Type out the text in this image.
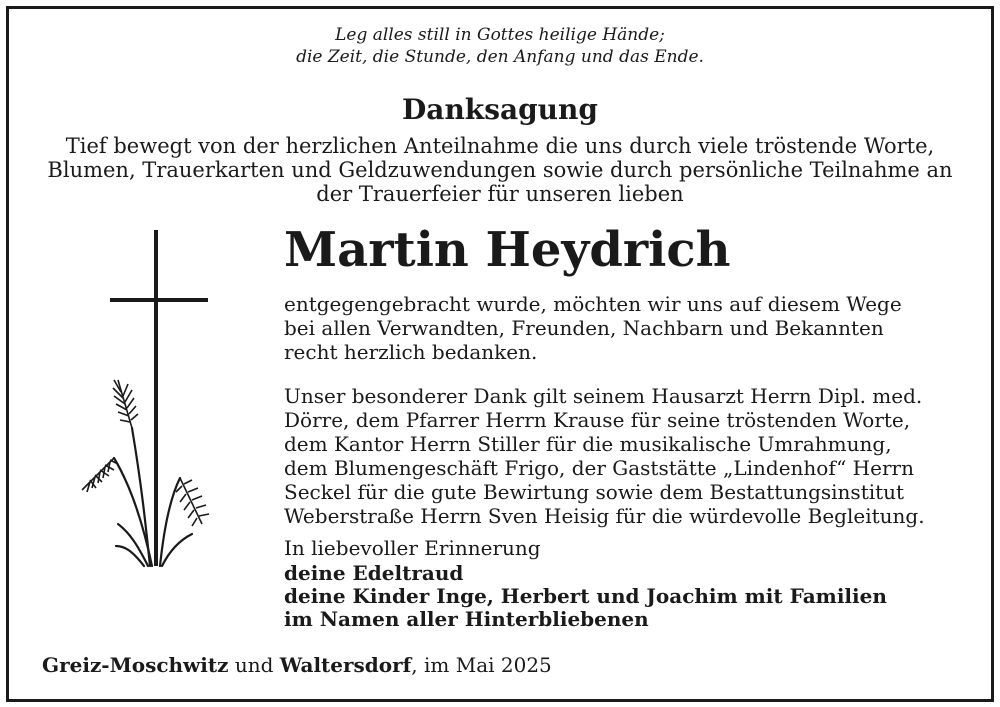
Leg alles still in Gottes heilige Hände;
die Zeit, die Stunde, den Anfang und das Ende.
Danksagung
Tief bewegt von der herzlichen Anteilnahme die uns durch viele tröstende Worte,
Blumen, Trauerkarten und Geldzuwendungen sowie durch persönliche Teilnahme an
der Trauerfeier für unseren lieben
Martin Heydrich
entgegengebracht wurde, möchten wir uns auf diesem Wege
bei allen Verwandten, Freunden, Nachbarn und Bekannten
recht herzlich bedanken.
Unser besonderer Dank gilt seinem Hausarzt Herrn Dipl. med.
Dörre, dem Pfarrer Herrn Krause für seine tröstenden Worte,
dem Kantor Herrn Stiller für die musikalische Umrahmung,
dem Blumengeschäft Frigo, der Gaststätte „Lindenhof“ Herrn
Seckel für die gute Bewirtung sowie dem Bestattungsinstitut
Weberstraße Herrn Sven Heisig für die würdevolle Begleitung.
In liebevoller Erinnerung
deine Edeltraud
deine Kinder Inge, Herbert und Joachim mit Familien
im Namen aller Hinterbliebenen
Greiz-Moschwitz und Waltersdorf, im Mai 2025
